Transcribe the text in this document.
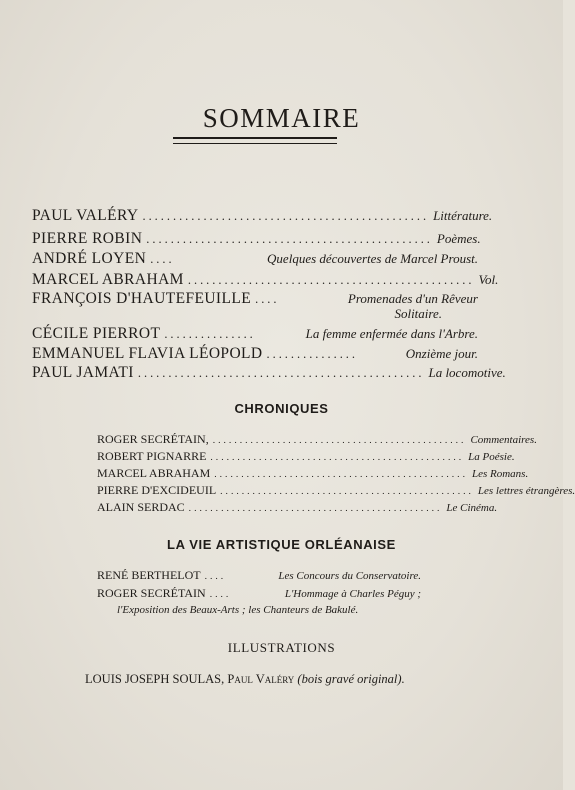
SOMMAIRE
PAUL VALÉRY ............................................... Littérature.
PIERRE ROBIN ............................................... Poèmes.
ANDRÉ LOYEN ....	Quelques découvertes de Marcel Proust.
MARCEL ABRAHAM ............................................... Vol.
FRANÇOIS D'HAUTEFEUILLE ....	Promenades d'un Rêveur
Solitaire.
CÉCILE PIERROT ...............	La femme enfermée dans l'Arbre.
EMMANUEL FLAVIA LÉOPOLD ...............	Onzième jour.
PAUL JAMATI ............................................... La locomotive.
CHRONIQUES
ROGER SECRÉTAIN, ............................................... Commentaires.
ROBERT PIGNARRE ............................................... La Poésie.
MARCEL ABRAHAM ............................................... Les Romans.
PIERRE D'EXCIDEUIL ............................................... Les lettres étrangères.
ALAIN SERDAC ............................................... Le Cinéma.
LA VIE ARTISTIQUE ORLÉANAISE
RENÉ BERTHELOT ....	Les Concours du Conservatoire.
ROGER SECRÉTAIN ....	L'Hommage à Charles Péguy ;
l'Exposition des Beaux-Arts ; les Chanteurs de Bakulé.
ILLUSTRATIONS
LOUIS JOSEPH SOULAS, Paul Valéry (bois gravé original).
